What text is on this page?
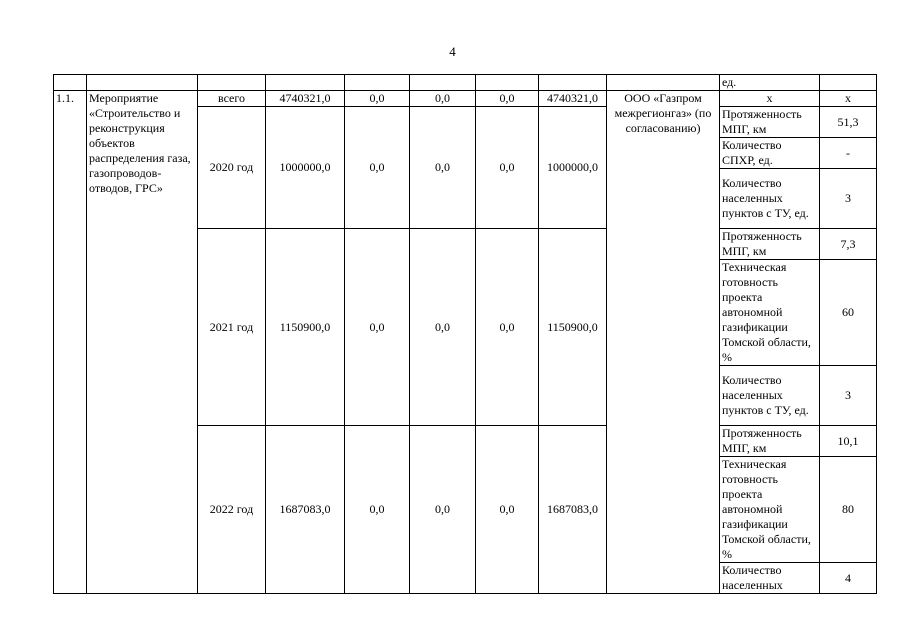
4
									ед.	
1.1.	Мероприятие «Строительство и реконструкция объектов распределения газа, газопроводов-отводов, ГРС»	всего	4740321,0	0,0	0,0	0,0	4740321,0	ООО «Газпром межрегионгаз» (по согласованию)	х	х
		2020 год	1000000,0	0,0	0,0	0,0	1000000,0		Протяженность МПГ, км	51,3
									Количество СПХР, ед.	-
									Количество населенных пунктов с ТУ, ед.	3
		2021 год	1150900,0	0,0	0,0	0,0	1150900,0		Протяженность МПГ, км	7,3
									Техническая готовность проекта автономной газификации Томской области, %	60
									Количество населенных пунктов с ТУ, ед.	3
		2022 год	1687083,0	0,0	0,0	0,0	1687083,0		Протяженность МПГ, км	10,1
									Техническая готовность проекта автономной газификации Томской области, %	80
									Количество населенных	4
